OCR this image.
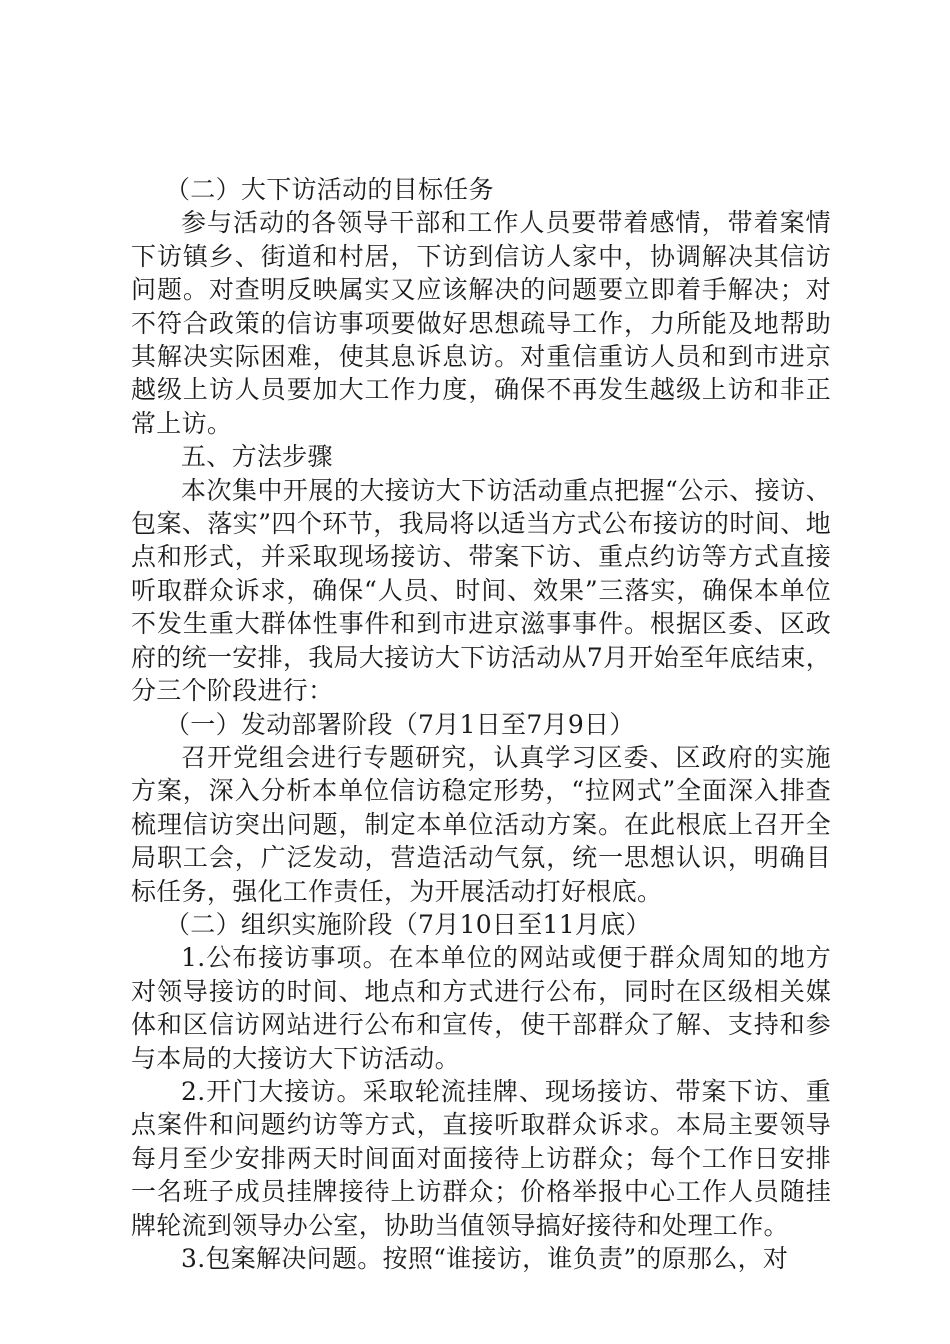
（二）大下访活动的目标任务

参与活动的各领导干部和工作人员要带着感情，带着案情下访镇乡、街道和村居，下访到信访人家中，协调解决其信访问题。对查明反映属实又应该解决的问题要立即着手解决；对不符合政策的信访事项要做好思想疏导工作，力所能及地帮助其解决实际困难，使其息诉息访。对重信重访人员和到市进京越级上访人员要加大工作力度，确保不再发生越级上访和非正常上访。

五、方法步骤

本次集中开展的大接访大下访活动重点把握“公示、接访、包案、落实”四个环节，我局将以适当方式公布接访的时间、地点和形式，并采取现场接访、带案下访、重点约访等方式直接听取群众诉求，确保“人员、时间、效果”三落实，确保本单位不发生重大群体性事件和到市进京滋事事件。根据区委、区政府的统一安排，我局大接访大下访活动从7月开始至年底结束，分三个阶段进行：

（一）发动部署阶段（7月1日至7月9日）

召开党组会进行专题研究，认真学习区委、区政府的实施方案，深入分析本单位信访稳定形势，“拉网式”全面深入排查梳理信访突出问题，制定本单位活动方案。在此根底上召开全局职工会，广泛发动，营造活动气氛，统一思想认识，明确目标任务，强化工作责任，为开展活动打好根底。

（二）组织实施阶段（7月10日至11月底）

1.公布接访事项。在本单位的网站或便于群众周知的地方对领导接访的时间、地点和方式进行公布，同时在区级相关媒体和区信访网站进行公布和宣传，使干部群众了解、支持和参与本局的大接访大下访活动。

2.开门大接访。采取轮流挂牌、现场接访、带案下访、重点案件和问题约访等方式，直接听取群众诉求。本局主要领导每月至少安排两天时间面对面接待上访群众；每个工作日安排一名班子成员挂牌接待上访群众；价格举报中心工作人员随挂牌轮流到领导办公室，协助当值领导搞好接待和处理工作。

3.包案解决问题。按照“谁接访，谁负责”的原那么，对
